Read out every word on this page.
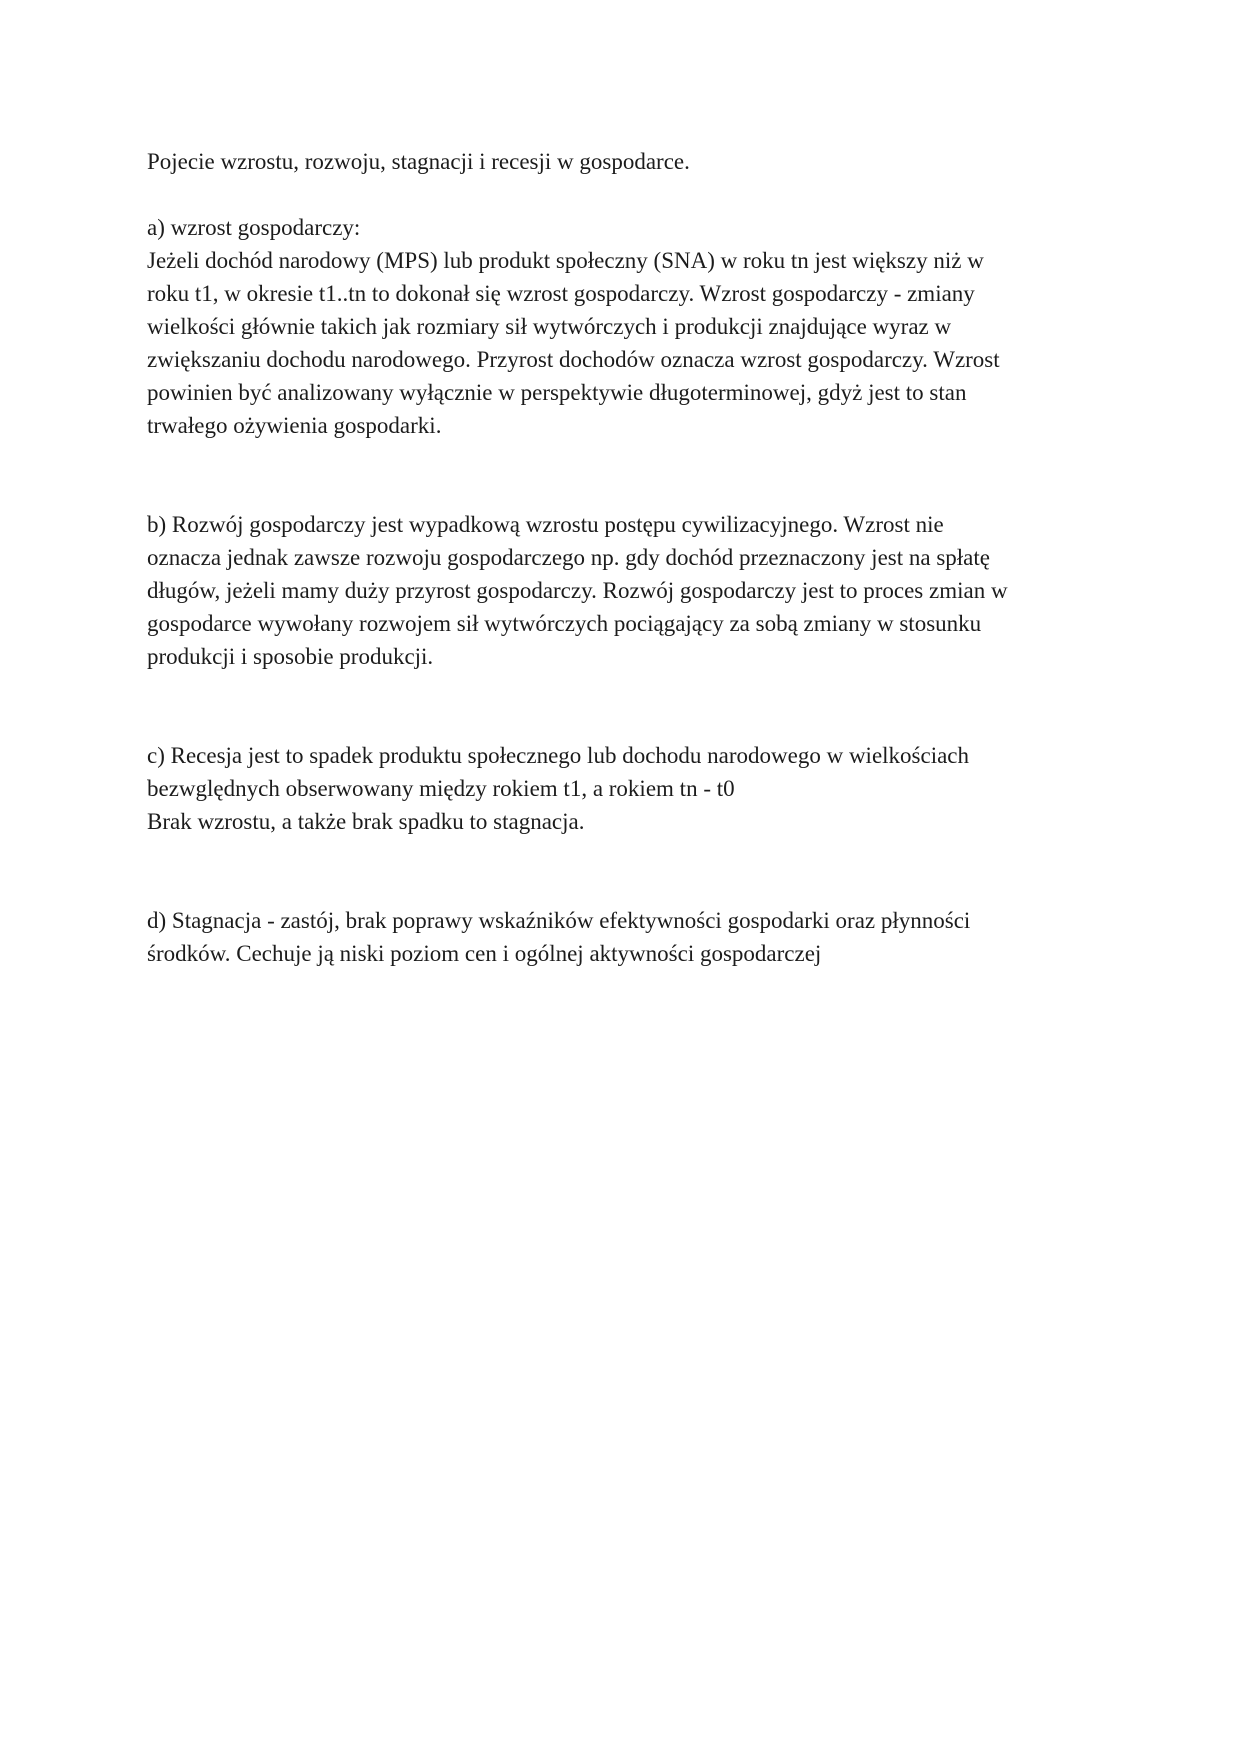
Pojecie wzrostu, rozwoju, stagnacji i recesji w gospodarce.

a) wzrost gospodarczy:
Jeżeli dochód narodowy (MPS) lub produkt społeczny (SNA) w roku tn jest większy niż w
roku t1, w okresie t1..tn to dokonał się wzrost gospodarczy. Wzrost gospodarczy - zmiany
wielkości głównie takich jak rozmiary sił wytwórczych i produkcji znajdujące wyraz w
zwiększaniu dochodu narodowego. Przyrost dochodów oznacza wzrost gospodarczy. Wzrost
powinien być analizowany wyłącznie w perspektywie długoterminowej, gdyż jest to stan
trwałego ożywienia gospodarki.
b) Rozwój gospodarczy jest wypadkową wzrostu postępu cywilizacyjnego. Wzrost nie
oznacza jednak zawsze rozwoju gospodarczego np. gdy dochód przeznaczony jest na spłatę
długów, jeżeli mamy duży przyrost gospodarczy. Rozwój gospodarczy jest to proces zmian w
gospodarce wywołany rozwojem sił wytwórczych pociągający za sobą zmiany w stosunku
produkcji i sposobie produkcji.
c) Recesja jest to spadek produktu społecznego lub dochodu narodowego w wielkościach
bezwględnych obserwowany między rokiem t1, a rokiem tn - t0
Brak wzrostu, a także brak spadku to stagnacja.
d) Stagnacja - zastój, brak poprawy wskaźników efektywności gospodarki oraz płynności
środków. Cechuje ją niski poziom cen i ogólnej aktywności gospodarczej
